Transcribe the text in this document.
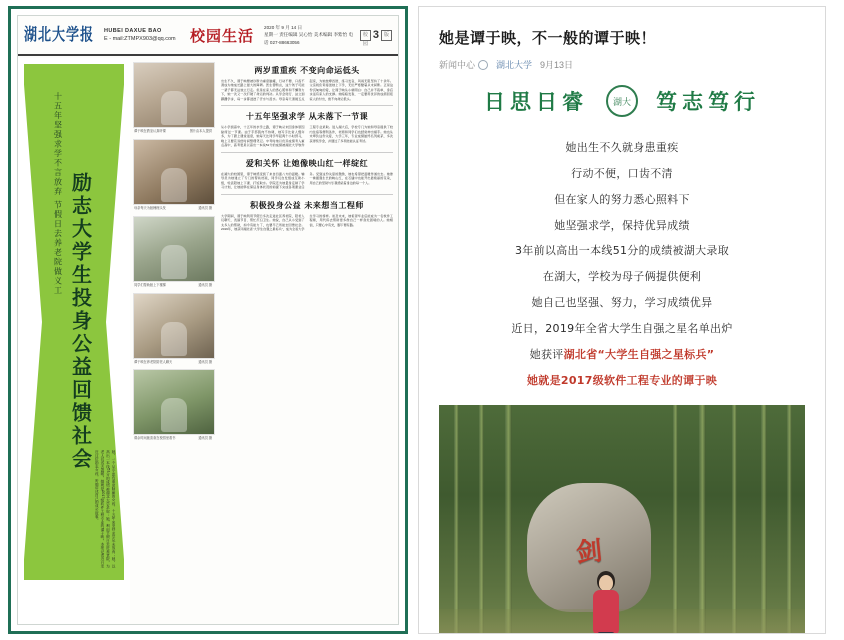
湖北大学报 HUBEI DAXUE BAO
E - mail:ZTMPX903@qq.com 校园生活
2020 年 9 月 14 日
星期一 责任编辑 吴心怡 美术编辑 李紫怡 电话 027-88663056
校园
3 版
励志大学生投身公益回馈社会
十五年坚强求学不言放弃 节假日去养老院做义工
她，一个从小患有重度脑瘫的女孩，十五年来坚持求学从未放弃；她，以高出一本线51分的成绩被湖北大学录取；她，利用节假日走进养老院，为老人们送去温暖。她就是2017级软件工程专业的谭于映。本报记者近日走近这位励志女孩，听她讲述自己的成长故事。
谭于映在教室认真听课	图片由本人提供
母亲每天为她梳理头发	通讯员 摄
同学们帮助她上下楼梯	通讯员 摄
谭于映在养老院陪老人聊天	通讯员 摄
课余时间她喜欢在校园里看书	通讯员 摄
两岁重重疾 不变向命运低头
出生不久，谭于映便被诊断为重度脑瘫，行动不便、口齿不清成为她成长路上最大的障碍。医生曾断言，这个孩子可能一辈子都无法独立行走。但是在家人的悉心照料和不懈努力下，她一次又一次打破了命运的判决。从学会爬行、站立到蹒跚学步，每一步都浸透了汗水与泪水。母亲每天清晨五点起床，为她按摩四肢、练习发音，风雨无阻坚持了十余年。父亲则负责接送她上下学，无论严寒酷暑从未间断。正是这份沉甸甸的爱，让谭于映从小就明白：自己并不孤单，身后永远有家人的支撑。她暗暗发誓，一定要用优异的成绩回报家人的付出，绝不向命运低头。
十五年坚强求学 从未落下一节课
从小学到高中，十五年的求学之路，谭于映从未因身体原因缺席过一节课。由于手部肌肉不协调，她写字比常人慢许多，为了跟上课堂进度，她每天比同学早起两个小时预习，晚上又要花双倍时间整理笔记。中考时她以优异成绩考入重点高中，高考更是以高出一本线51分的成绩被湖北大学软件工程专业录取。进入湖大后，学校专门为她和母亲提供了校内住宿等便利条件，老师和同学们也经常伸出援手。她也从未辜负这份关爱，大学三年，专业成绩始终名列前茅，多次获得奖学金，并通过了多项技能认证考试。
爱和关怀 让她像映山红一样绽红
在湖大的校园里，谭于映感受到了来自四面八方的温暖。辅导员为她建立了专门的帮扶档案，同学们自发组成互助小组，轮流陪她上下课、打饭取水。学院还为她量身定制了学习计划，让她能够在保证身体状况的前提下完成各项课业任务。受到这份关爱的激励，她也希望把温暖传递出去。她像一株倔强生长的映山红，在石缝中也能开出最艳丽的花朵，用自己的坚韧与乐观感染着身边的每一个人。
积极投身公益 未来想当工程师
大学期间，谭于映利用节假日多次走进社区养老院，陪老人们聊天、表演节目、帮忙打扫卫生。她说，自己从小受到了太多人的帮助，如今有能力了，也要尽己所能去回馈社会。2019年，她获评湖北省“大学生自强之星标兵”，成为全省大学生学习的榜样。谈及未来，她希望毕业后能成为一名软件工程师，用代码去帮助更多像自己一样身处困境的人。她相信，只要心中有光，脚下便有路。
她是谭于映，不一般的谭于映！
新闻中心 湖北大学 9月13日
日思日睿	湖大	笃志笃行
她出生不久就身患重疾
行动不便，口齿不清
但在家人的努力悉心照料下
她坚强求学，保持优异成绩
3年前以高出一本线51分的成绩被湖大录取
在湖大，学校为母子俩提供便利
她自己也坚强、努力，学习成绩优异
近日，2019年全省大学生自强之星名单出炉
她获评湖北省“大学生自强之星标兵”
她就是2017级软件工程专业的谭于映
剑
